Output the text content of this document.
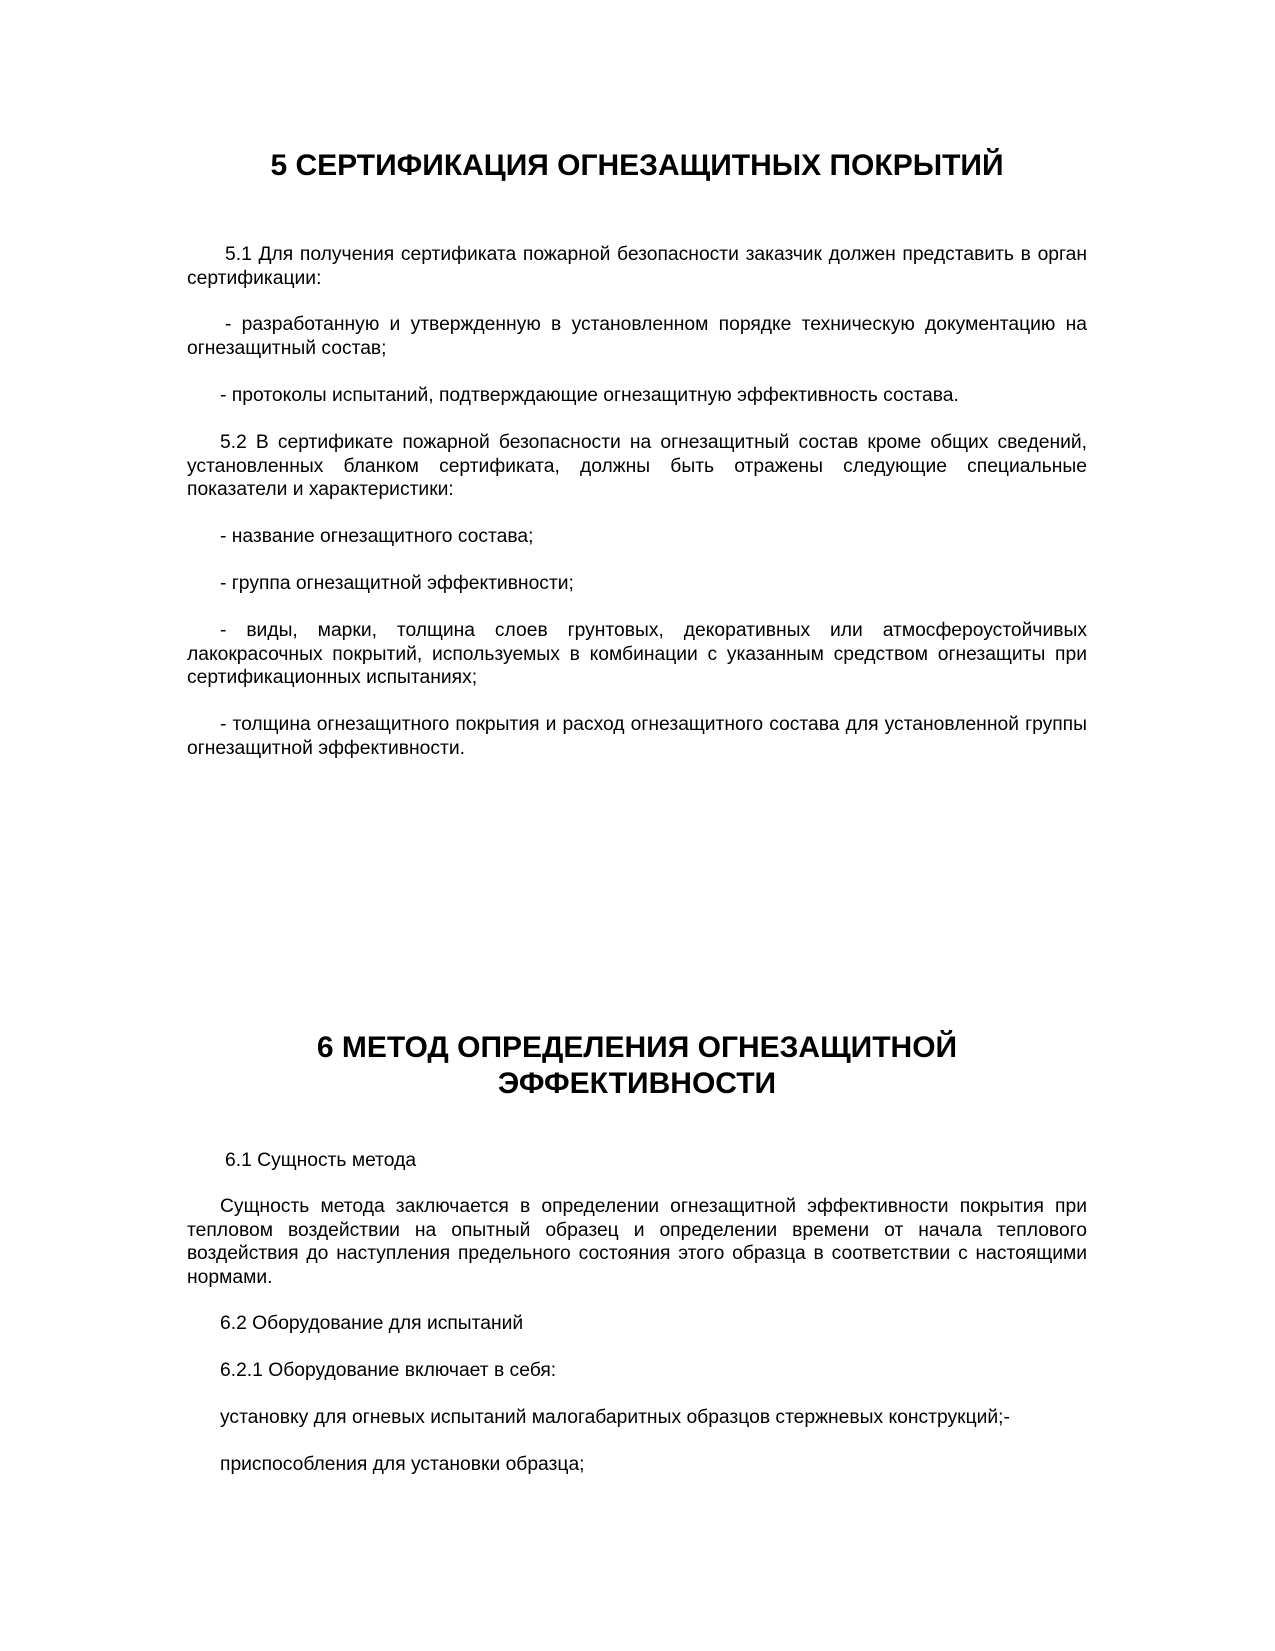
5 СЕРТИФИКАЦИЯ ОГНЕЗАЩИТНЫХ ПОКРЫТИЙ

5.1 Для получения сертификата пожарной безопасности заказчик должен представить в орган сертификации:

- разработанную и утвержденную в установленном порядке техническую документацию на огнезащитный состав;

- протоколы испытаний, подтверждающие огнезащитную эффективность состава.

5.2 В сертификате пожарной безопасности на огнезащитный состав кроме общих сведений, установленных бланком сертификата, должны быть отражены следующие специальные показатели и характеристики:

- название огнезащитного состава;

- группа огнезащитной эффективности;

- виды, марки, толщина слоев грунтовых, декоративных или атмосфероустойчивых лакокрасочных покрытий, используемых в комбинации с указанным средством огнезащиты при сертификационных испытаниях;

- толщина огнезащитного покрытия и расход огнезащитного состава для установленной группы огнезащитной эффективности.

6 МЕТОД ОПРЕДЕЛЕНИЯ ОГНЕЗАЩИТНОЙ
ЭФФЕКТИВНОСТИ

6.1 Сущность метода

Сущность метода заключается в определении огнезащитной эффективности покрытия при тепловом воздействии на опытный образец и определении времени от начала теплового воздействия до наступления предельного состояния этого образца в соответствии с настоящими нормами.

6.2 Оборудование для испытаний

6.2.1 Оборудование включает в себя:

установку для огневых испытаний малогабаритных образцов стержневых конструкций;-

приспособления для установки образца;
